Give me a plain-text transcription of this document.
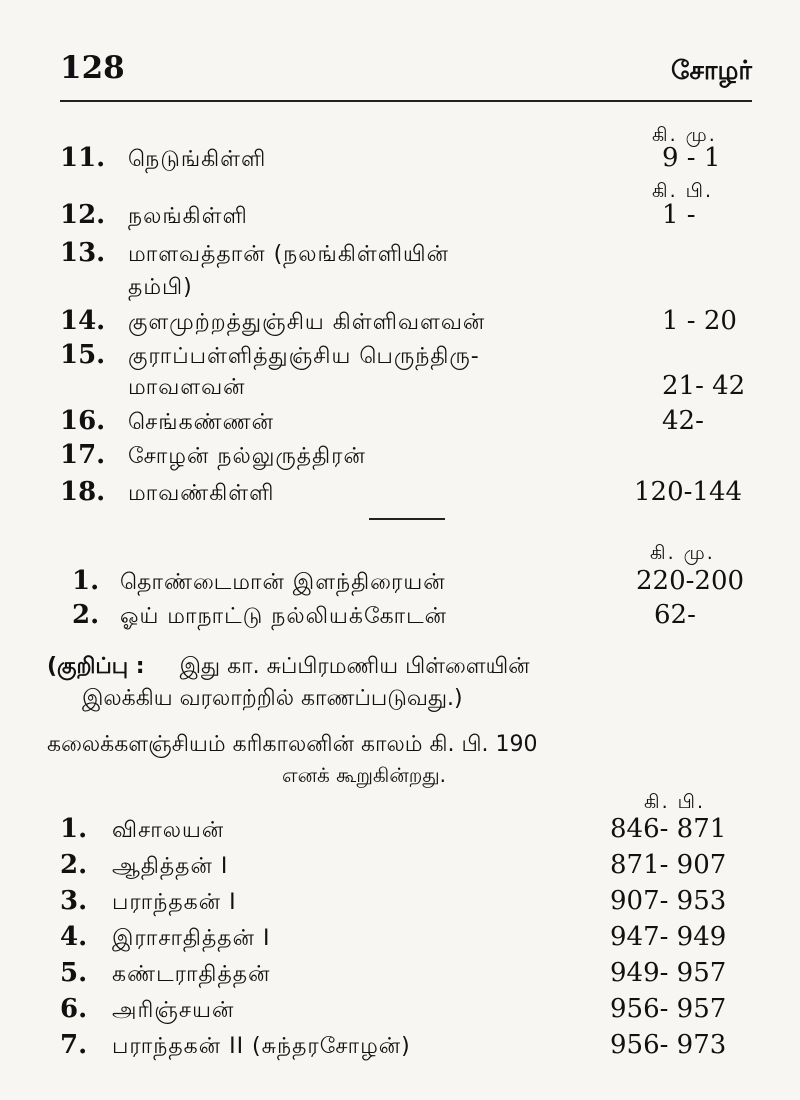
128	சோழர்
கி. மு.
11. நெடுங்கிள்ளி	9 - 1
கி. பி.
12. நலங்கிள்ளி	1 -
13. மாளவத்தான் (நலங்கிள்ளியின்
தம்பி)
14. குளமுற்றத்துஞ்சிய கிள்ளிவளவன்	1 - 20
15. குராப்பள்ளித்துஞ்சிய பெருந்திரு-
மாவளவன்	21- 42
16. செங்கண்ணன்	42-
17. சோழன் நல்லுருத்திரன்
18. மாவண்கிள்ளி	120-144
கி. மு.
1. தொண்டைமான் இளந்திரையன்	220-200
2. ஓய் மாநாட்டு நல்லியக்கோடன்	62-
(குறிப்பு : இது கா. சுப்பிரமணிய பிள்ளையின்
இலக்கிய வரலாற்றில் காணப்படுவது.)
கலைக்களஞ்சியம் கரிகாலனின் காலம் கி. பி. 190
எனக் கூறுகின்றது.
கி. பி.
1. விசாலயன்	846- 871
2. ஆதித்தன் I	871- 907
3. பராந்தகன் I	907- 953
4. இராசாதித்தன் I	947- 949
5. கண்டராதித்தன்	949- 957
6. அரிஞ்சயன்	956- 957
7. பராந்தகன் II (சுந்தரசோழன்)	956- 973
